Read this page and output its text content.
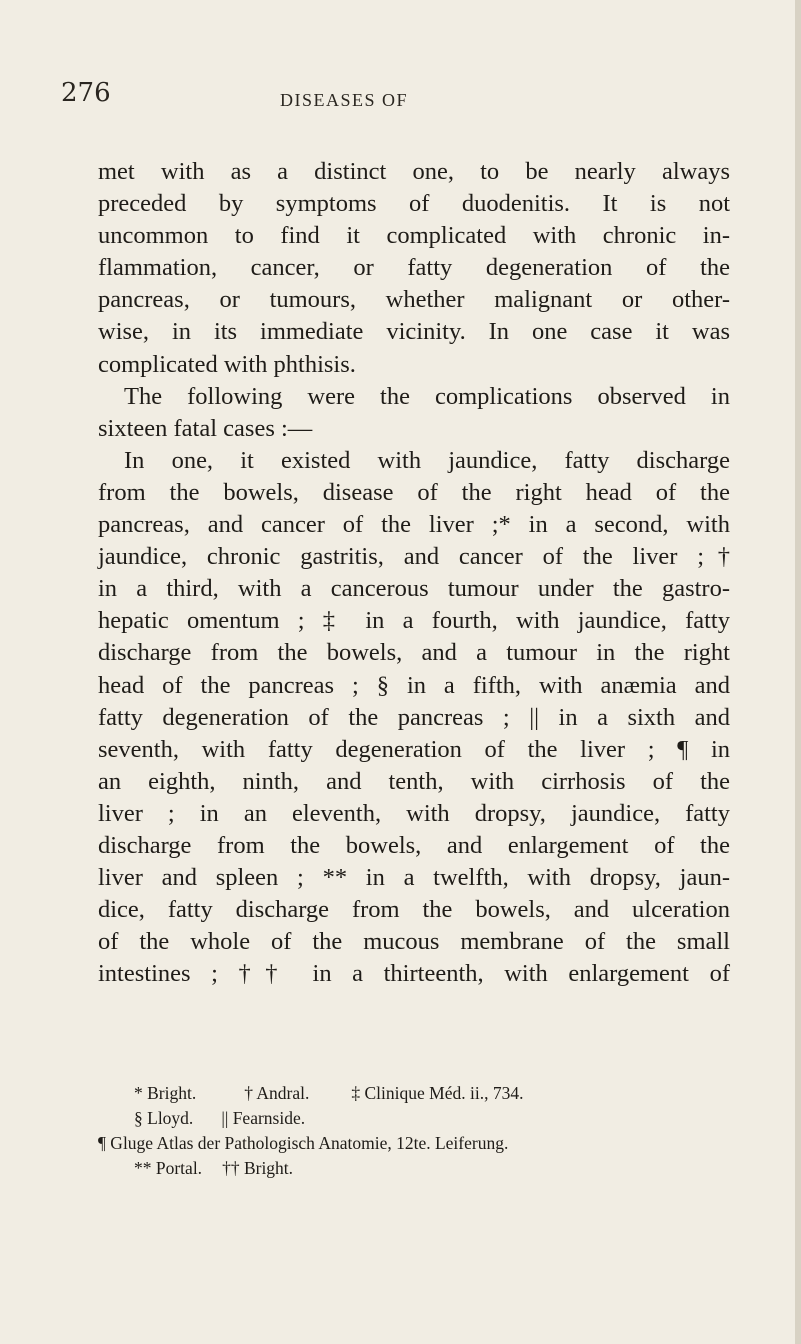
276	DISEASES OF
met with as a distinct one, to be nearly always
preceded by symptoms of duodenitis. It is not
uncommon to find it complicated with chronic in-
flammation, cancer, or fatty degeneration of the
pancreas, or tumours, whether malignant or other-
wise, in its immediate vicinity. In one case it was
complicated with phthisis.
The following were the complications observed in
sixteen fatal cases :—
In one, it existed with jaundice, fatty discharge
from the bowels, disease of the right head of the
pancreas, and cancer of the liver ;* in a second, with
jaundice, chronic gastritis, and cancer of the liver ;†
in a third, with a cancerous tumour under the gastro-
hepatic omentum ; ‡ in a fourth, with jaundice, fatty
discharge from the bowels, and a tumour in the right
head of the pancreas ; § in a fifth, with anæmia and
fatty degeneration of the pancreas ; || in a sixth and
seventh, with fatty degeneration of the liver ; ¶ in
an eighth, ninth, and tenth, with cirrhosis of the
liver ; in an eleventh, with dropsy, jaundice, fatty
discharge from the bowels, and enlargement of the
liver and spleen ; ** in a twelfth, with dropsy, jaun-
dice, fatty discharge from the bowels, and ulceration
of the whole of the mucous membrane of the small
intestines ; †† in a thirteenth, with enlargement of
* Bright.	† Andral. ‡ Clinique Méd. ii., 734.
§ Lloyd. || Fearnside.
¶ Gluge Atlas der Pathologisch Anatomie, 12te. Leiferung.
** Portal. †† Bright.
